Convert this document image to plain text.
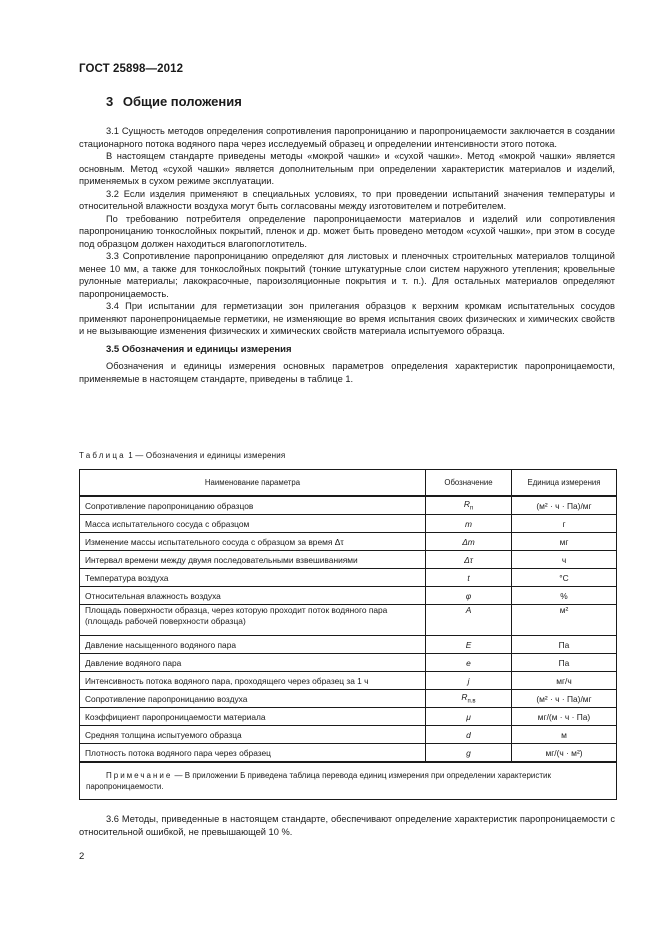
ГОСТ 25898—2012
3 Общие положения

3.1 Сущность методов определения сопротивления паропроницанию и паропроницаемости заключается в создании стационарного потока водяного пара через исследуемый образец и определении интенсивности этого потока.

В настоящем стандарте приведены методы «мокрой чашки» и «сухой чашки». Метод «мокрой чашки» является основным. Метод «сухой чашки» является дополнительным при определении характеристик материалов и изделий, применяемых в сухом режиме эксплуатации.

3.2 Если изделия применяют в специальных условиях, то при проведении испытаний значения температуры и относительной влажности воздуха могут быть согласованы между изготовителем и потребителем.

По требованию потребителя определение паропроницаемости материалов и изделий или сопротивления паропроницанию тонкослойных покрытий, пленок и др. может быть проведено методом «сухой чашки», при этом в сосуде под образцом должен находиться влагопоглотитель.

3.3 Сопротивление паропроницанию определяют для листовых и пленочных строительных материалов толщиной менее 10 мм, а также для тонкослойных покрытий (тонкие штукатурные слои систем наружного утепления; кровельные рулонные материалы; лакокрасочные, пароизоляционные покрытия и т. п.). Для остальных материалов определяют паропроницаемость.

3.4 При испытании для герметизации зон прилегания образцов к верхним кромкам испытательных сосудов применяют паронепроницаемые герметики, не изменяющие во время испытания своих физических и химических свойств и не вызывающие изменения физических и химических свойств материала испытуемого образца.

3.5 Обозначения и единицы измерения

Обозначения и единицы измерения основных параметров определения характеристик паропроницаемости, применяемые в настоящем стандарте, приведены в таблице 1.

Таблица 1 — Обозначения и единицы измерения
Наименование параметра	Обозначение	Единица измерения
Сопротивление паропроницанию образцов	$R_п$	(м² · ч · Па)/мг
Масса испытательного сосуда с образцом	m	г
Изменение массы испытательного сосуда с образцом за время Δτ	Δm	мг
Интервал времени между двумя последовательными взвешиваниями	Δτ	ч
Температура воздуха	t	°C
Относительная влажность воздуха	φ	%
Площадь поверхности образца, через которую проходит поток водяного пара (площадь рабочей поверхности образца)	A	м²
Давление насыщенного водяного пара	E	Па
Давление водяного пара	e	Па
Интенсивность потока водяного пара, проходящего через образец за 1 ч	j	мг/ч
Сопротивление паропроницанию воздуха	$R_{п.в}$	(м² · ч · Па)/мг
Коэффициент паропроницаемости материала	μ	мг/(м · ч · Па)
Средняя толщина испытуемого образца	d	м
Плотность потока водяного пара через образец	g	мг/(ч · м²)
Примечание — В приложении Б приведена таблица перевода единиц измерения при определении характеристик паропроницаемости.		

3.6 Методы, приведенные в настоящем стандарте, обеспечивают определение характеристик паропроницаемости с относительной ошибкой, не превышающей 10 %.

2
